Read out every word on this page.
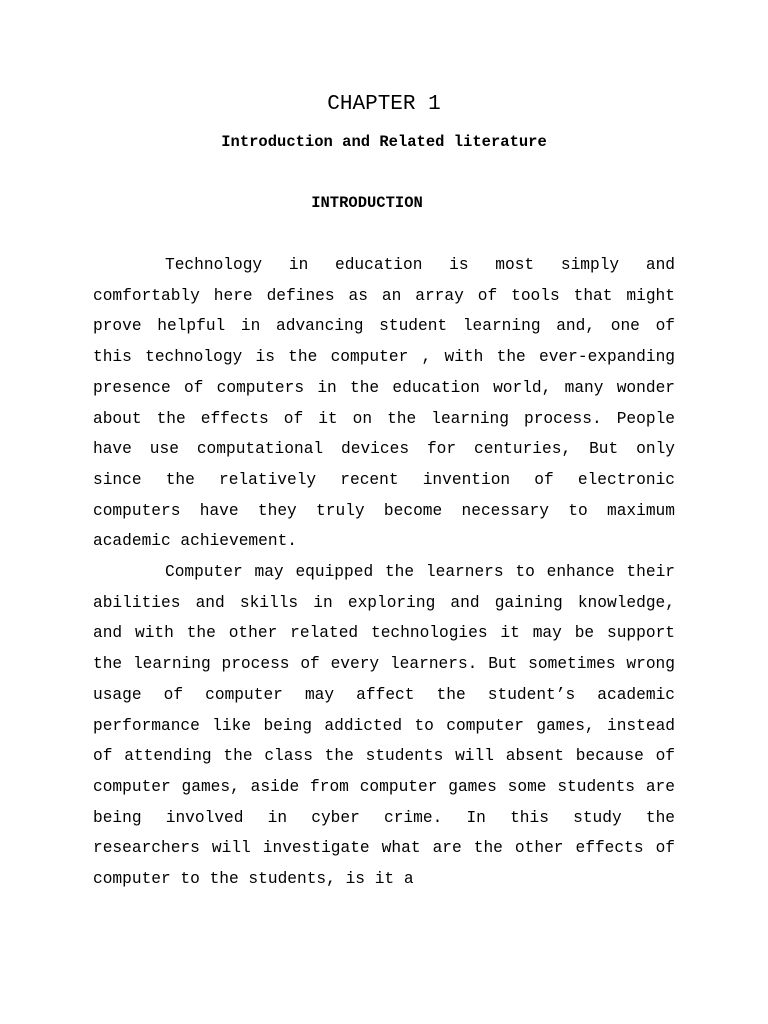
CHAPTER 1
Introduction and Related literature
INTRODUCTION

Technology in education is most simply and comfortably here defines as an array of tools that might prove helpful in advancing student learning and, one of this technology is the computer , with the ever-expanding presence of computers in the education world, many wonder about the effects of it on the learning process. People have use computational devices for centuries, But only since the relatively recent invention of electronic computers have they truly become necessary to maximum academic achievement.

Computer may equipped the learners to enhance their abilities and skills in exploring and gaining knowledge, and with the other related technologies it may be support the learning process of every learners. But sometimes wrong usage of computer may affect the student’s academic performance like being addicted to computer games, instead of attending the class the students will absent because of computer games, aside from computer games some students are being involved in cyber crime. In this study the researchers will investigate what are the other effects of computer to the students, is it a
